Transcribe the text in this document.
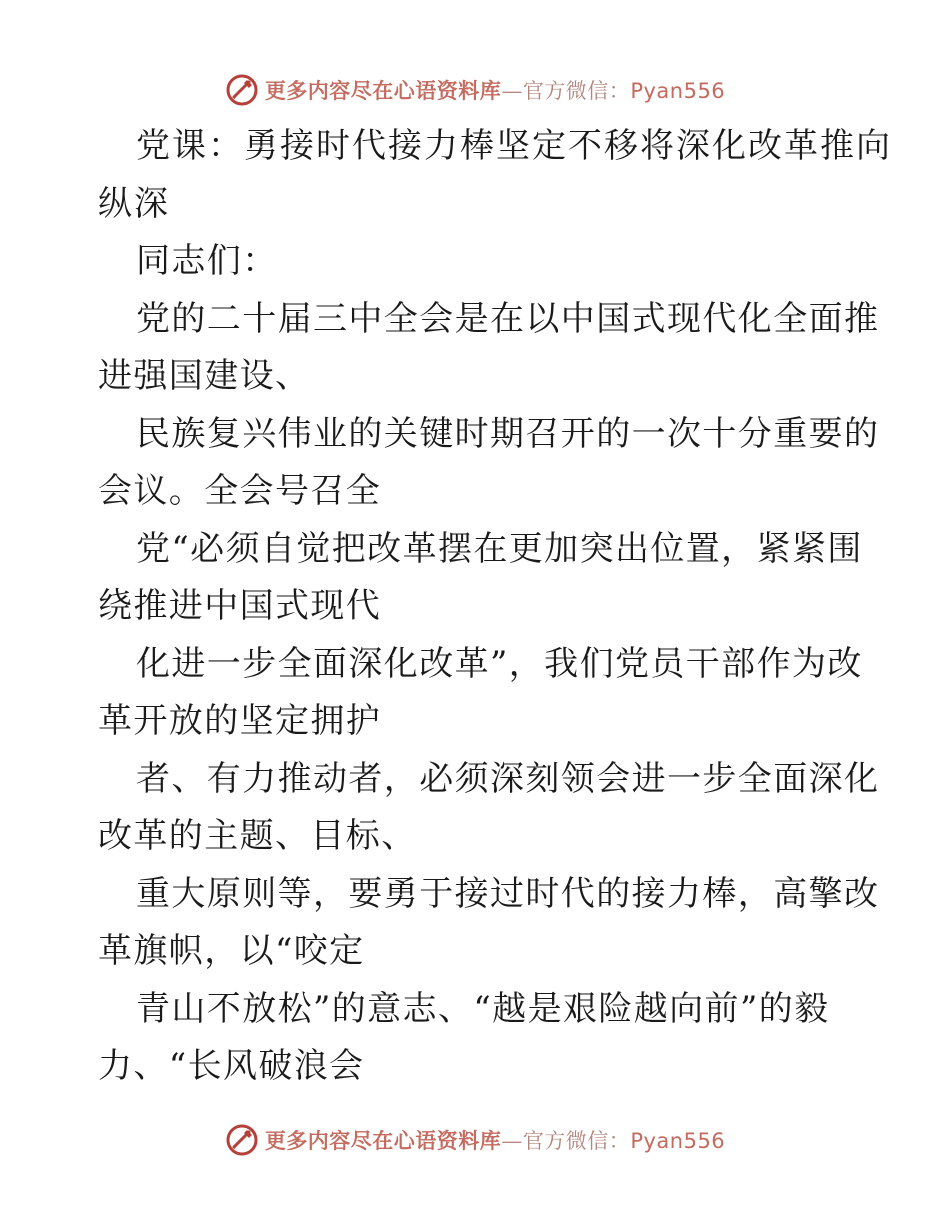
更多内容尽在心语资料库—官方微信：Pyan556
党课：勇接时代接力棒坚定不移将深化改革推向
纵深
同志们：
党的二十届三中全会是在以中国式现代化全面推
进强国建设、
民族复兴伟业的关键时期召开的一次十分重要的
会议。全会号召全
党“必须自觉把改革摆在更加突出位置，紧紧围
绕推进中国式现代
化进一步全面深化改革”，我们党员干部作为改
革开放的坚定拥护
者、有力推动者，必须深刻领会进一步全面深化
改革的主题、目标、
重大原则等，要勇于接过时代的接力棒，高擎改
革旗帜，以“咬定
青山不放松”的意志、“越是艰险越向前”的毅
力、“长风破浪会
更多内容尽在心语资料库—官方微信：Pyan556
